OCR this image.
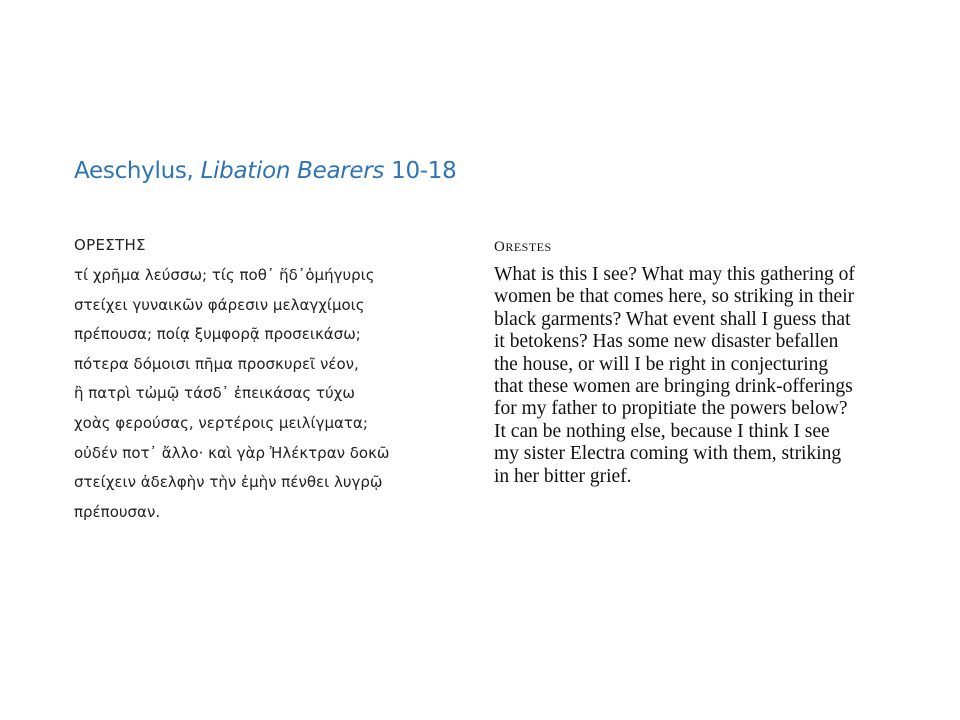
Aeschylus, Libation Bearers 10-18
ΟΡΕΣΤΗΣ
τί χρῆμα λεύσσω; τίς ποθ᾽ ἥδ᾽ὁμήγυρις
στείχει γυναικῶν φάρεσιν μελαγχίμοις
πρέπουσα; ποίᾳ ξυμφορᾷ προσεικάσω;
πότερα δόμοισι πῆμα προσκυρεῖ νέον,
ἢ πατρὶ τὠμῷ τάσδ᾽ ἐπεικάσας τύχω
χοὰς φερούσας, νερτέροις μειλίγματα;
οὐδέν ποτ᾽ ἄλλο· καὶ γὰρ Ἠλέκτραν δοκῶ
στείχειν ἀδελφὴν τὴν ἐμὴν πένθει λυγρῷ
πρέπουσαν.
ORESTES
What is this I see? What may this gathering of
women be that comes here, so striking in their
black garments? What event shall I guess that
it betokens? Has some new disaster befallen
the house, or will I be right in conjecturing
that these women are bringing drink-offerings
for my father to propitiate the powers below?
It can be nothing else, because I think I see
my sister Electra coming with them, striking
in her bitter grief.
